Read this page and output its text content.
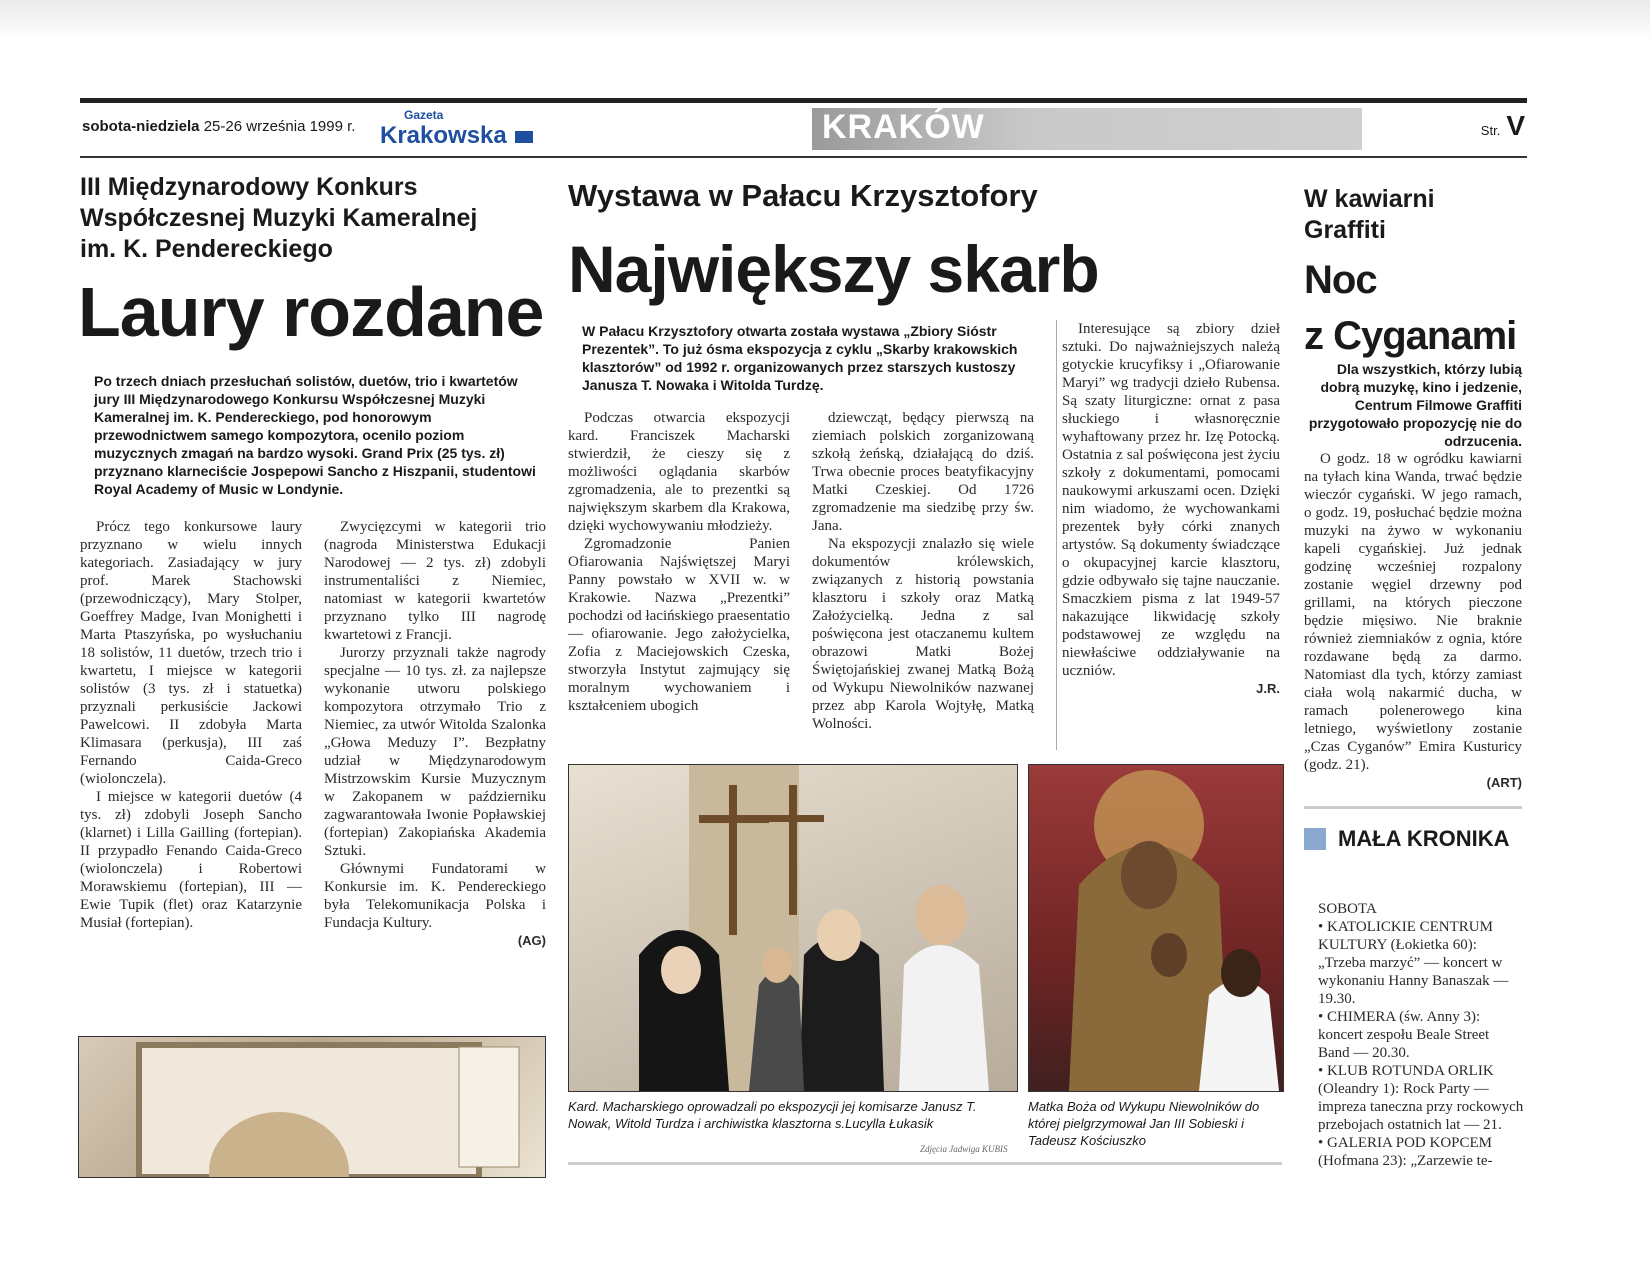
sobota-niedziela 25-26 września 1999 r.
Gazeta
Krakowska	KRAKÓW	Str. V
III Międzynarodowy Konkurs
Współczesnej Muzyki Kameralnej
im. K. Pendereckiego
Laury rozdane
Po trzech dniach przesłuchań solistów, duetów, trio i kwartetów jury III Międzynarodowego Konkursu Współczesnej Muzyki Kameralnej im. K. Pendereckiego, pod honorowym przewodnictwem samego kompozytora, ocenilo poziom muzycznych zmagań na bardzo wysoki. Grand Prix (25 tys. zł) przyznano klarneciście Jospepowi Sancho z Hiszpanii, studentowi Royal Academy of Music w Londynie.

Prócz tego konkursowe laury przyznano w wielu innych kategoriach. Zasiadający w jury prof. Marek Stachowski (przewodniczący), Mary Stolper, Goeffrey Madge, Ivan Monighetti i Marta Ptaszyńska, po wysłuchaniu 18 solistów, 11 duetów, trzech trio i kwartetu, I miejsce w kategorii solistów (3 tys. zł i statuetka) przyznali perkusiście Jackowi Pawelcowi. II zdobyła Marta Klimasara (perkusja), III zaś Fernando Caida-Greco (wiolonczela).

I miejsce w kategorii duetów (4 tys. zł) zdobyli Joseph Sancho (klarnet) i Lilla Gailling (fortepian). II przypadło Fenando Caida-Greco (wiolonczela) i Robertowi Morawskiemu (fortepian), III — Ewie Tupik (flet) oraz Katarzynie Musiał (fortepian).

Zwycięzcymi w kategorii trio (nagroda Ministerstwa Edukacji Narodowej — 2 tys. zł) zdobyli instrumentaliści z Niemiec, natomiast w kategorii kwartetów przyznano tylko III nagrodę kwartetowi z Francji.

Jurorzy przyznali także nagrody specjalne — 10 tys. zł. za najlepsze wykonanie utworu polskiego kompozytora otrzymało Trio z Niemiec, za utwór Witolda Szalonka „Głowa Meduzy I”. Bezpłatny udział w Międzynarodowym Mistrzowskim Kursie Muzycznym w Zakopanem w październiku zagwarantowała Iwonie Popławskiej (fortepian) Zakopiańska Akademia Sztuki.

Głównymi Fundatorami w Konkursie im. K. Pendereckiego była Telekomunikacja Polska i Fundacja Kultury.

(AG)
Wystawa w Pałacu Krzysztofory
Największy skarb
W Pałacu Krzysztofory otwarta została wystawa „Zbiory Sióstr Prezentek”. To już ósma ekspozycja z cyklu „Skarby krakowskich klasztorów” od 1992 r. organizowanych przez starszych kustoszy Janusza T. Nowaka i Witolda Turdzę.

Podczas otwarcia ekspozycji kard. Franciszek Macharski stwierdził, że cieszy się z możliwości oglądania skarbów zgromadzenia, ale to prezentki są największym skarbem dla Krakowa, dzięki wychowywaniu młodzieży.

Zgromadzonie Panien Ofiarowania Najświętszej Maryi Panny powstało w XVII w. w Krakowie. Nazwa „Prezentki” pochodzi od łacińskiego praesentatio — ofiarowanie. Jego założycielka, Zofia z Maciejowskich Czeska, stworzyła Instytut zajmujący się moralnym wychowaniem i kształceniem ubogich

dziewcząt, będący pierwszą na ziemiach polskich zorganizowaną szkołą żeńską, działającą do dziś. Trwa obecnie proces beatyfikacyjny Matki Czeskiej. Od 1726 zgromadzenie ma siedzibę przy św. Jana.

Na ekspozycji znalazło się wiele dokumentów królewskich, związanych z historią powstania klasztoru i szkoły oraz Matką Założycielką. Jedna z sal poświęcona jest otaczanemu kultem obrazowi Matki Bożej Świętojańskiej zwanej Matką Bożą od Wykupu Niewolników nazwanej przez abp Karola Wojtyłę, Matką Wolności.

Interesujące są zbiory dzieł sztuki. Do najważniejszych należą gotyckie krucyfiksy i „Ofiarowanie Maryi” wg tradycji dzieło Rubensa. Są szaty liturgiczne: ornat z pasa słuckiego i własnoręcznie wyhaftowany przez hr. Izę Potocką. Ostatnia z sal poświęcona jest życiu szkoły z dokumentami, pomocami naukowymi arkuszami ocen. Dzięki nim wiadomo, że wychowankami prezentek były córki znanych artystów. Są dokumenty świadczące o okupacyjnej karcie klasztoru, gdzie odbywało się tajne nauczanie. Smaczkiem pisma z lat 1949-57 nakazujące likwidację szkoły podstawowej ze względu na niewłaściwe oddziaływanie na uczniów.

J.R.
Kard. Macharskiego oprowadzali po ekspozycji jej komisarze Janusz T. Nowak, Witold Turdza i archiwistka klasztorna s.Lucylla Łukasik
Zdjęcia Jadwiga KUBIS
Matka Boża od Wykupu Niewolników do której pielgrzymował Jan III Sobieski i Tadeusz Kościuszko
W kawiarni
Graffiti
Noc
z Cyganami
Dla wszystkich, którzy lubią dobrą muzykę, kino i jedzenie, Centrum Filmowe Graffiti przygotowało propozycję nie do odrzucenia.

O godz. 18 w ogródku kawiarni na tyłach kina Wanda, trwać będzie wieczór cygański. W jego ramach, o godz. 19, posłuchać będzie można muzyki na żywo w wykonaniu kapeli cygańskiej. Już jednak godzinę wcześniej rozpalony zostanie węgiel drzewny pod grillami, na których pieczone będzie mięsiwo. Nie braknie również ziemniaków z ognia, które rozdawane będą za darmo. Natomiast dla tych, którzy zamiast ciała wolą nakarmić ducha, w ramach polenerowego kina letniego, wyświetlony zostanie „Czas Cyganów” Emira Kusturicy (godz. 21).

(ART)
MAŁA KRONIKA

SOBOTA

• KATOLICKIE CENTRUM KULTURY (Łokietka 60): „Trzeba marzyć” — koncert w wykonaniu Hanny Banaszak — 19.30.

• CHIMERA (św. Anny 3): koncert zespołu Beale Street Band — 20.30.

• KLUB ROTUNDA ORLIK (Oleandry 1): Rock Party — impreza taneczna przy rockowych przebojach ostatnich lat — 21.

• GALERIA POD KOPCEM (Hofmana 23): „Zarzewie te-
